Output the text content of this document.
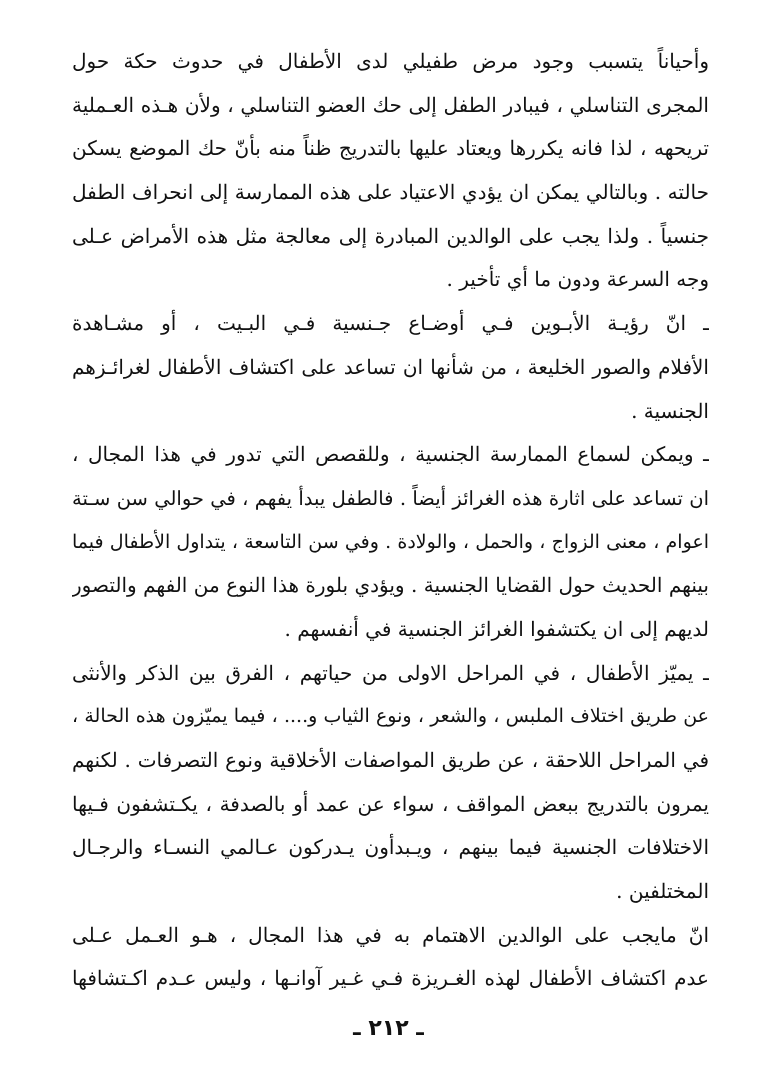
وأحياناً يتسبب وجود مرض طفيلي لدى الأطفال في حدوث حكة حول
المجرى التناسلي ، فيبادر الطفل إلى حك العضو التناسلي ، ولأن هـذه العـملية
تريحهه ، لذا فانه يكررها ويعتاد عليها بالتدريج ظناً منه بأنّ حك الموضع يسكن
حالته . وبالتالي يمكن ان يؤدي الاعتياد على هذه الممارسة إلى انحراف الطفل
جنسياً . ولذا يجب على الوالدين المبادرة إلى معالجة مثل هذه الأمراض عـلى
وجه السرعة ودون ما أي تأخير .
ـ انّ رؤيـة الأبـوين فـي أوضـاع جـنسية فـي البـيت ، أو مشـاهدة
الأفلام والصور الخليعة ، من شأنها ان تساعد على اكتشاف الأطفال لغرائـزهم
الجنسية .
ـ ويمكن لسماع الممارسة الجنسية ، وللقصص التي تدور في هذا المجال ،
ان تساعد على اثارة هذه الغرائز أيضاً . فالطفل يبدأ يفهم ، في حوالي سن سـتة
اعوام ، معنى الزواج ، والحمل ، والولادة . وفي سن التاسعة ، يتداول الأطفال فيما
بينهم الحديث حول القضايا الجنسية . ويؤدي بلورة هذا النوع من الفهم والتصور
لديهم إلى ان يكتشفوا الغرائز الجنسية في أنفسهم .
ـ يميّز الأطفال ، في المراحل الاولى من حياتهم ، الفرق بين الذكر والأنثى
عن طريق اختلاف الملبس ، والشعر ، ونوع الثياب و.... ، فيما يميّزون هذه الحالة ،
في المراحل اللاحقة ، عن طريق المواصفات الأخلاقية ونوع التصرفات . لكنهم
يمرون بالتدريج ببعض المواقف ، سواء عن عمد أو بالصدفة ، يكـتشفون فـيها
الاختلافات الجنسية فيما بينهم ، ويـبدأون يـدركون عـالمي النسـاء والرجـال
المختلفين .
انّ مايجب على الوالدين الاهتمام به في هذا المجال ، هـو العـمل عـلى
عدم اكتشاف الأطفال لهذه الغـريزة فـي غـير آوانـها ، وليس عـدم اكـتشافها
ـ ٢١٢ ـ
